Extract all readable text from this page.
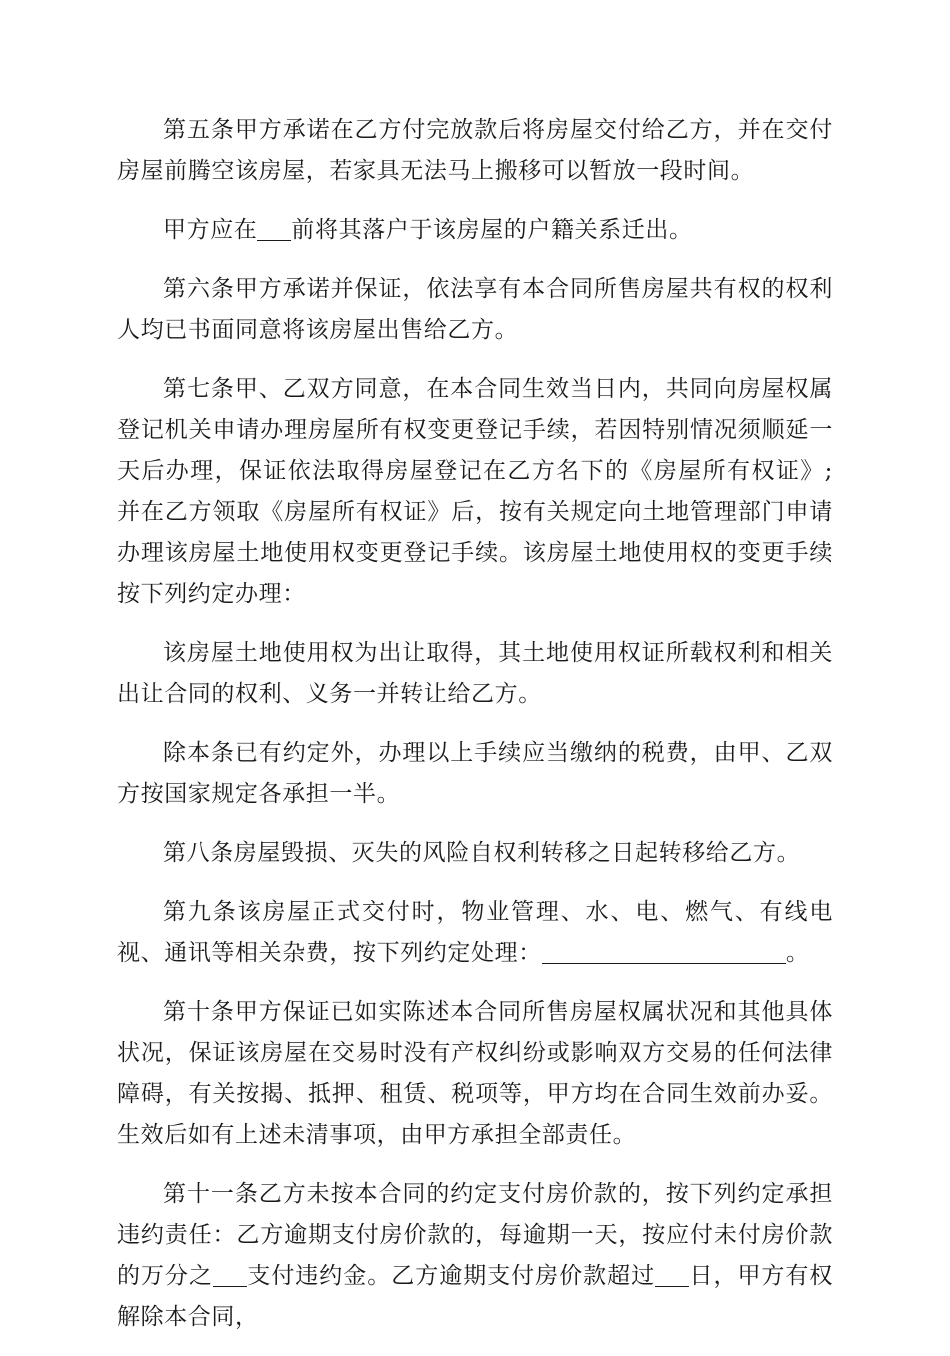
第五条甲方承诺在乙方付完放款后将房屋交付给乙方，并在交付房屋前腾空该房屋，若家具无法马上搬移可以暂放一段时间。

甲方应在 前将其落户于该房屋的户籍关系迁出。

第六条甲方承诺并保证，依法享有本合同所售房屋共有权的权利人均已书面同意将该房屋出售给乙方。

第七条甲、乙双方同意，在本合同生效当日内，共同向房屋权属登记机关申请办理房屋所有权变更登记手续，若因特别情况须顺延一天后办理，保证依法取得房屋登记在乙方名下的《房屋所有权证》;并在乙方领取《房屋所有权证》后，按有关规定向土地管理部门申请办理该房屋土地使用权变更登记手续。该房屋土地使用权的变更手续按下列约定办理：

该房屋土地使用权为出让取得，其土地使用权证所载权利和相关出让合同的权利、义务一并转让给乙方。

除本条已有约定外，办理以上手续应当缴纳的税费，由甲、乙双方按国家规定各承担一半。

第八条房屋毁损、灭失的风险自权利转移之日起转移给乙方。

第九条该房屋正式交付时，物业管理、水、电、燃气、有线电视、通讯等相关杂费，按下列约定处理：	。

第十条甲方保证已如实陈述本合同所售房屋权属状况和其他具体状况，保证该房屋在交易时没有产权纠纷或影响双方交易的任何法律障碍，有关按揭、抵押、租赁、税项等，甲方均在合同生效前办妥。生效后如有上述未清事项，由甲方承担全部责任。

第十一条乙方未按本合同的约定支付房价款的，按下列约定承担违约责任：乙方逾期支付房价款的，每逾期一天，按应付未付房价款的万分之 支付违约金。乙方逾期支付房价款超过 日，甲方有权解除本合同，
